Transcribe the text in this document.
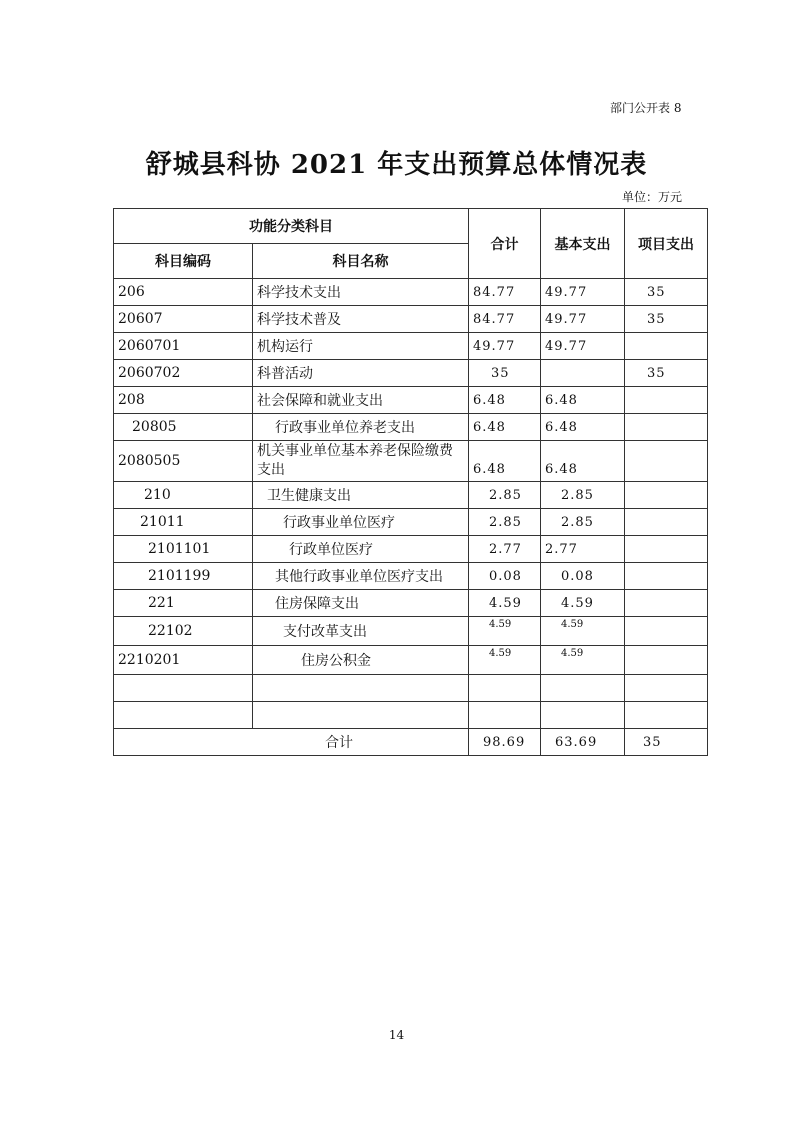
部门公开表 8
舒城县科协 2021 年支出预算总体情况表
单位：万元
功能分类科目		合计	基本支出	项目支出
科目编码	科目名称			
206	科学技术支出	84.77	49.77	35
20607	科学技术普及	84.77	49.77	35
2060701	机构运行	49.77	49.77	
2060702	科普活动	35		35
208	社会保障和就业支出	6.48	6.48	
20805	行政事业单位养老支出	6.48	6.48	
2080505	机关事业单位基本养老保险缴费支出	6.48	6.48	
210	卫生健康支出	2.85	2.85	
21011	行政事业单位医疗	2.85	2.85	
2101101	行政单位医疗	2.77	2.77	
2101199	其他行政事业单位医疗支出	0.08	0.08	
221	住房保障支出	4.59	4.59	
22102	支付改革支出	4.59	4.59	
2210201	住房公积金	4.59	4.59	

合计		98.69	63.69	35
14
